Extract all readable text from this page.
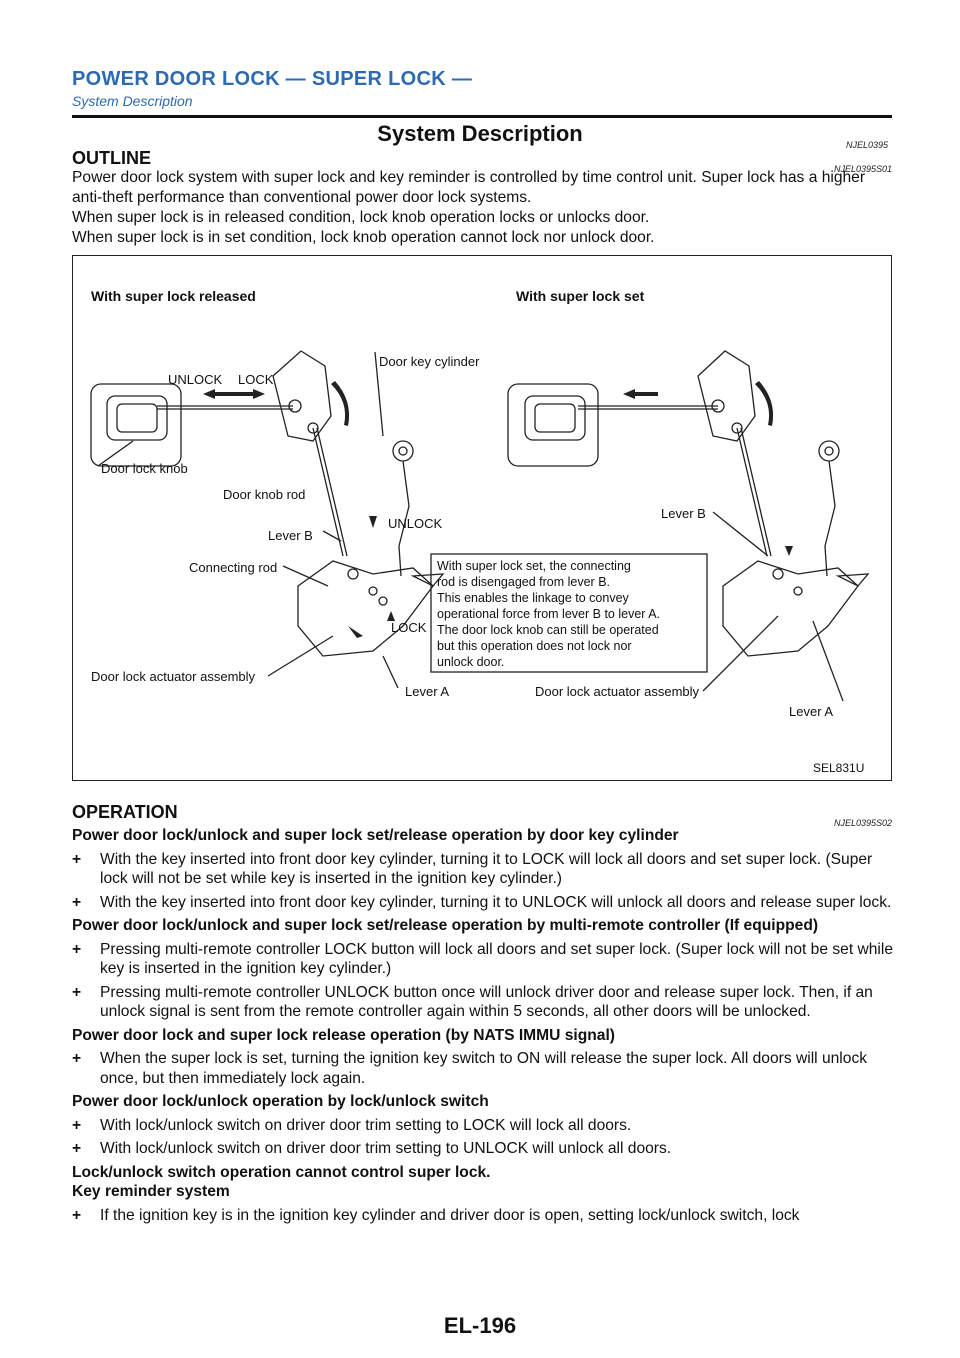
POWER DOOR LOCK — SUPER LOCK —
System Description
System Description	NJEL0395
OUTLINE
NJEL0395S01

Power door lock system with super lock and key reminder is controlled by time control unit. Super lock has a higher anti-theft performance than conventional power door lock systems.

When super lock is in released condition, lock knob operation locks or unlocks door.

When super lock is in set condition, lock knob operation cannot lock nor unlock door.

With super lock released	With super lock set
UNLOCK LOCK
Door key cylinder
Door lock knob
Door knob rod
Lever B
UNLOCK
Connecting rod
LOCK
Door lock actuator assembly
Lever A
Lever B
Door lock actuator assembly
Lever A
With super lock set, the connecting
rod is disengaged from lever B.
This enables the linkage to convey
operational force from lever B to lever A.
The door lock knob can still be operated
but this operation does not lock nor
unlock door.
SEL831U
OPERATION
NJEL0395S02

Power door lock/unlock and super lock set/release operation by door key cylinder

+ With the key inserted into front door key cylinder, turning it to LOCK will lock all doors and set super lock. (Super lock will not be set while key is inserted in the ignition key cylinder.)
+ With the key inserted into front door key cylinder, turning it to UNLOCK will unlock all doors and release super lock.

Power door lock/unlock and super lock set/release operation by multi-remote controller (If equipped)

+ Pressing multi-remote controller LOCK button will lock all doors and set super lock. (Super lock will not be set while key is inserted in the ignition key cylinder.)
+ Pressing multi-remote controller UNLOCK button once will unlock driver door and release super lock. Then, if an unlock signal is sent from the remote controller again within 5 seconds, all other doors will be unlocked.

Power door lock and super lock release operation (by NATS IMMU signal)

+ When the super lock is set, turning the ignition key switch to ON will release the super lock. All doors will unlock once, but then immediately lock again.

Power door lock/unlock operation by lock/unlock switch

+ With lock/unlock switch on driver door trim setting to LOCK will lock all doors.
+ With lock/unlock switch on driver door trim setting to UNLOCK will unlock all doors.

Lock/unlock switch operation cannot control super lock.

Key reminder system

+ If the ignition key is in the ignition key cylinder and driver door is open, setting lock/unlock switch, lock
EL-196
